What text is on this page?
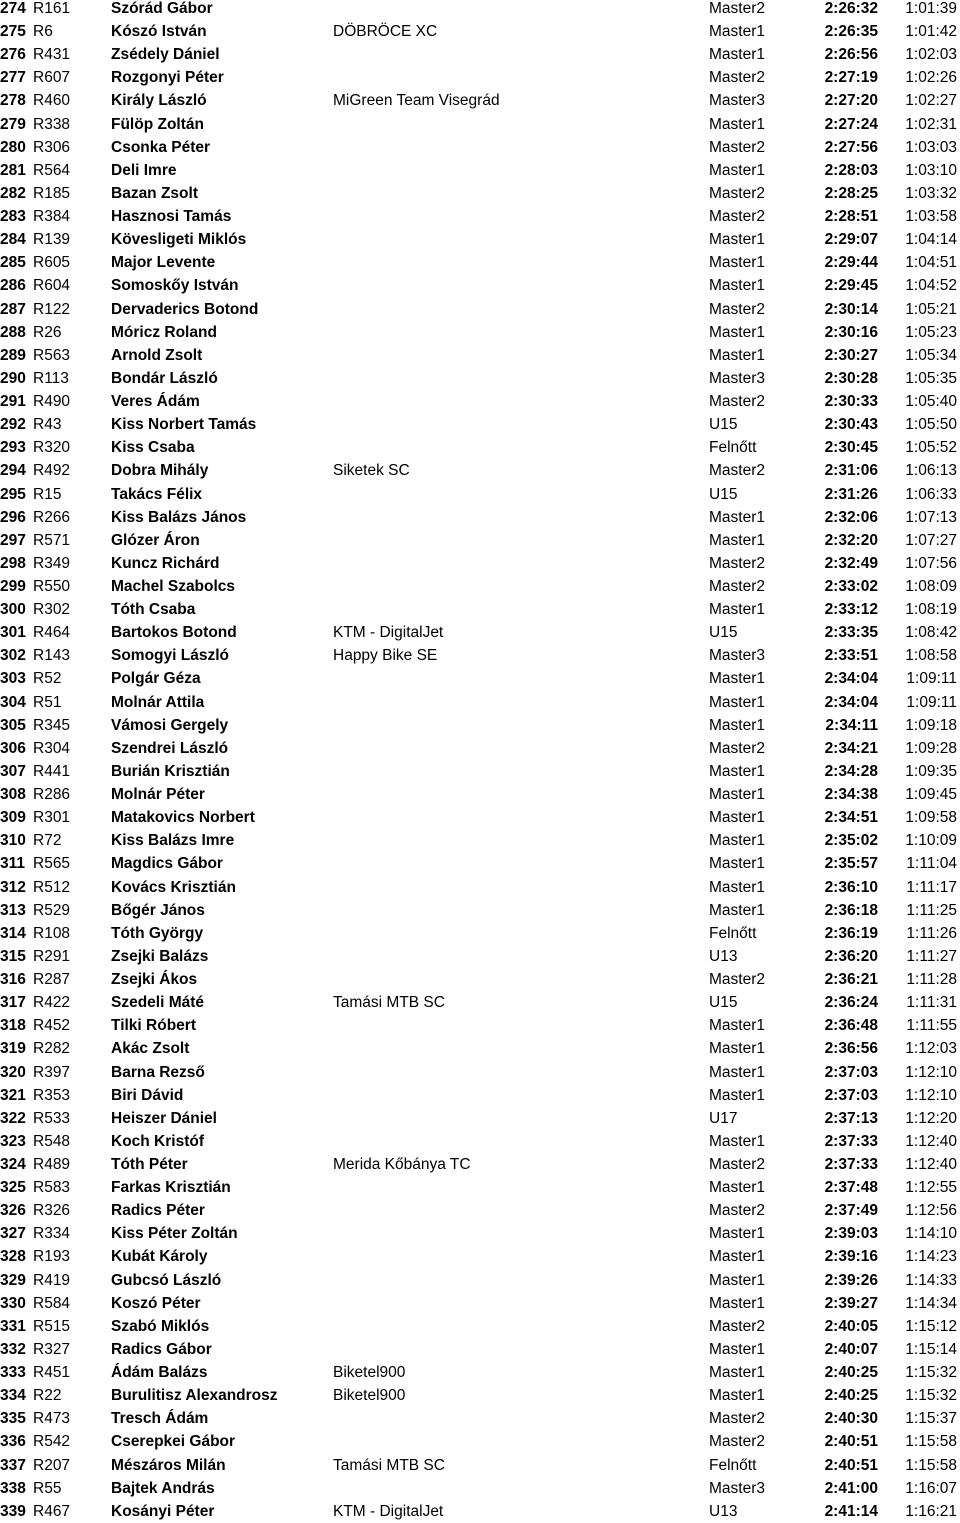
274 R161	Szórád Gábor	Master2	2:26:32 1:01:39
275 R6	Kószó István	DÖBRÖCE XC	Master1	2:26:35 1:01:42
276 R431	Zsédely Dániel	Master1	2:26:56 1:02:03
277 R607	Rozgonyi Péter	Master2	2:27:19 1:02:26
278 R460	Király László	MiGreen Team Visegrád	Master3	2:27:20 1:02:27
279 R338	Fülöp Zoltán	Master1	2:27:24 1:02:31
280 R306	Csonka Péter	Master2	2:27:56 1:03:03
281 R564	Deli Imre	Master1	2:28:03 1:03:10
282 R185	Bazan Zsolt	Master2	2:28:25 1:03:32
283 R384	Hasznosi Tamás	Master2	2:28:51 1:03:58
284 R139	Kövesligeti Miklós	Master1	2:29:07 1:04:14
285 R605	Major Levente	Master1	2:29:44 1:04:51
286 R604	Somoskőy István	Master1	2:29:45 1:04:52
287 R122	Dervaderics Botond	Master2	2:30:14 1:05:21
288 R26	Móricz Roland	Master1	2:30:16 1:05:23
289 R563	Arnold Zsolt	Master1	2:30:27 1:05:34
290 R113	Bondár László	Master3	2:30:28 1:05:35
291 R490	Veres Ádám	Master2	2:30:33 1:05:40
292 R43	Kiss Norbert Tamás	U15	2:30:43 1:05:50
293 R320	Kiss Csaba	Felnőtt	2:30:45 1:05:52
294 R492	Dobra Mihály	Siketek SC	Master2	2:31:06 1:06:13
295 R15	Takács Félix	U15	2:31:26 1:06:33
296 R266	Kiss Balázs János	Master1	2:32:06 1:07:13
297 R571	Glózer Áron	Master1	2:32:20 1:07:27
298 R349	Kuncz Richárd	Master2	2:32:49 1:07:56
299 R550	Machel Szabolcs	Master2	2:33:02 1:08:09
300 R302	Tóth Csaba	Master1	2:33:12 1:08:19
301 R464	Bartokos Botond	KTM - DigitalJet	U15	2:33:35 1:08:42
302 R143	Somogyi László	Happy Bike SE	Master3	2:33:51 1:08:58
303 R52	Polgár Géza	Master1	2:34:04 1:09:11
304 R51	Molnár Attila	Master1	2:34:04 1:09:11
305 R345	Vámosi Gergely	Master1	2:34:11 1:09:18
306 R304	Szendrei László	Master2	2:34:21 1:09:28
307 R441	Burián Krisztián	Master1	2:34:28 1:09:35
308 R286	Molnár Péter	Master1	2:34:38 1:09:45
309 R301	Matakovics Norbert	Master1	2:34:51 1:09:58
310 R72	Kiss Balázs Imre	Master1	2:35:02 1:10:09
311 R565	Magdics Gábor	Master1	2:35:57 1:11:04
312 R512	Kovács Krisztián	Master1	2:36:10 1:11:17
313 R529	Bőgér János	Master1	2:36:18 1:11:25
314 R108	Tóth György	Felnőtt	2:36:19 1:11:26
315 R291	Zsejki Balázs	U13	2:36:20 1:11:27
316 R287	Zsejki Ákos	Master2	2:36:21 1:11:28
317 R422	Szedeli Máté	Tamási MTB SC	U15	2:36:24 1:11:31
318 R452	Tilki Róbert	Master1	2:36:48 1:11:55
319 R282	Akác Zsolt	Master1	2:36:56 1:12:03
320 R397	Barna Rezső	Master1	2:37:03 1:12:10
321 R353	Biri Dávid	Master1	2:37:03 1:12:10
322 R533	Heiszer Dániel	U17	2:37:13 1:12:20
323 R548	Koch Kristóf	Master1	2:37:33 1:12:40
324 R489	Tóth Péter	Merida Kőbánya TC	Master2	2:37:33 1:12:40
325 R583	Farkas Krisztián	Master1	2:37:48 1:12:55
326 R326	Radics Péter	Master2	2:37:49 1:12:56
327 R334	Kiss Péter Zoltán	Master1	2:39:03 1:14:10
328 R193	Kubát Károly	Master1	2:39:16 1:14:23
329 R419	Gubcsó László	Master1	2:39:26 1:14:33
330 R584	Koszó Péter	Master1	2:39:27 1:14:34
331 R515	Szabó Miklós	Master2	2:40:05 1:15:12
332 R327	Radics Gábor	Master1	2:40:07 1:15:14
333 R451	Ádám Balázs	Biketel900	Master1	2:40:25 1:15:32
334 R22	Burulitisz Alexandrosz	Biketel900	Master1	2:40:25 1:15:32
335 R473	Tresch Ádám	Master2	2:40:30 1:15:37
336 R542	Cserepkei Gábor	Master2	2:40:51 1:15:58
337 R207	Mészáros Milán	Tamási MTB SC	Felnőtt	2:40:51 1:15:58
338 R55	Bajtek András	Master3	2:41:00 1:16:07
339 R467	Kosányi Péter	KTM - DigitalJet	U13	2:41:14 1:16:21
